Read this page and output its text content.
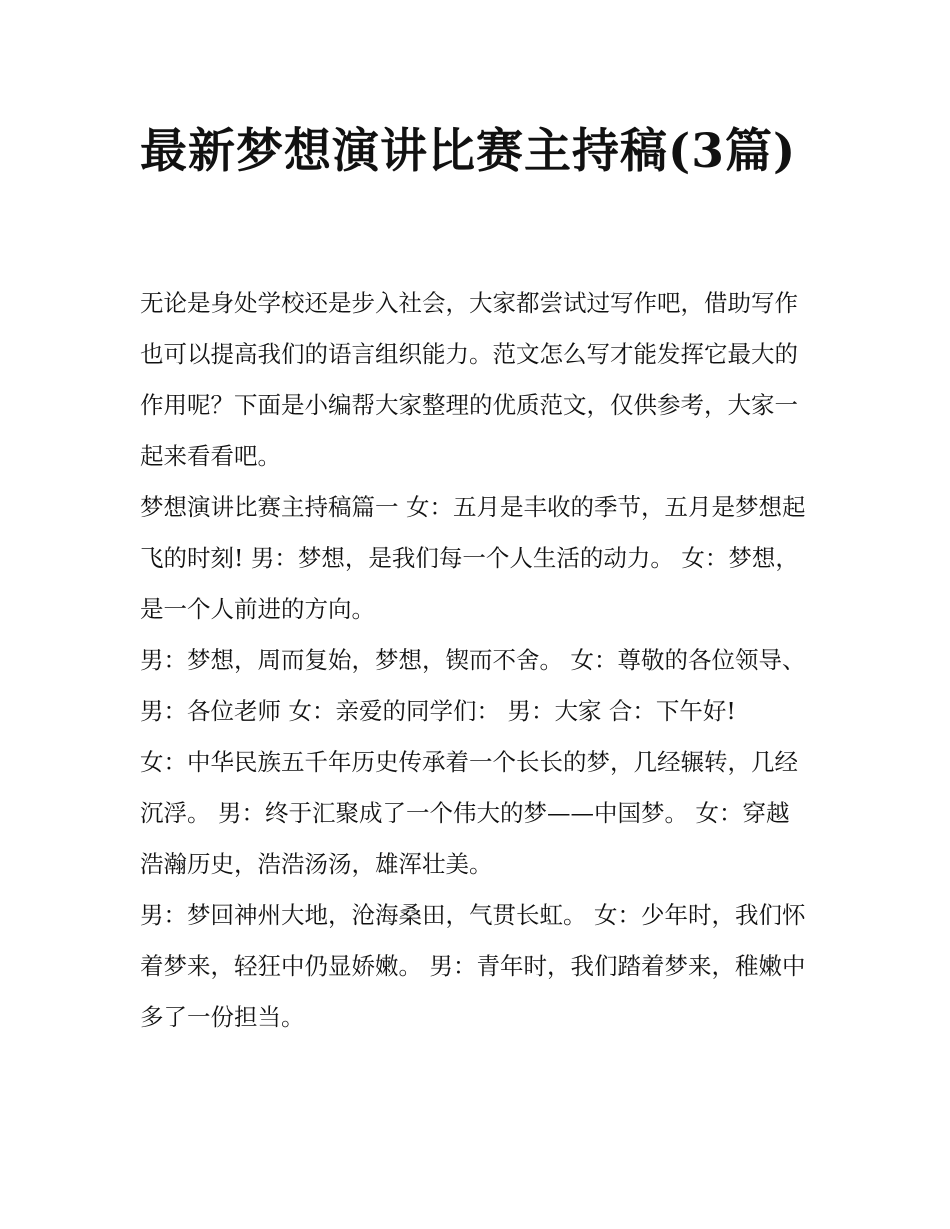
最新梦想演讲比赛主持稿(3篇)

无论是身处学校还是步入社会，大家都尝试过写作吧，借助写作也可以提高我们的语言组织能力。范文怎么写才能发挥它最大的作用呢？下面是小编帮大家整理的优质范文，仅供参考，大家一起来看看吧。

梦想演讲比赛主持稿篇一 女：五月是丰收的季节，五月是梦想起飞的时刻! 男：梦想，是我们每一个人生活的动力。 女：梦想，是一个人前进的方向。

男：梦想，周而复始，梦想，锲而不舍。 女：尊敬的各位领导、 男：各位老师 女：亲爱的同学们： 男：大家 合：下午好!

女：中华民族五千年历史传承着一个长长的梦，几经辗转，几经沉浮。 男：终于汇聚成了一个伟大的梦——中国梦。 女：穿越浩瀚历史，浩浩汤汤，雄浑壮美。

男：梦回神州大地，沧海桑田，气贯长虹。 女：少年时，我们怀着梦来，轻狂中仍显娇嫩。 男：青年时，我们踏着梦来，稚嫩中多了一份担当。
